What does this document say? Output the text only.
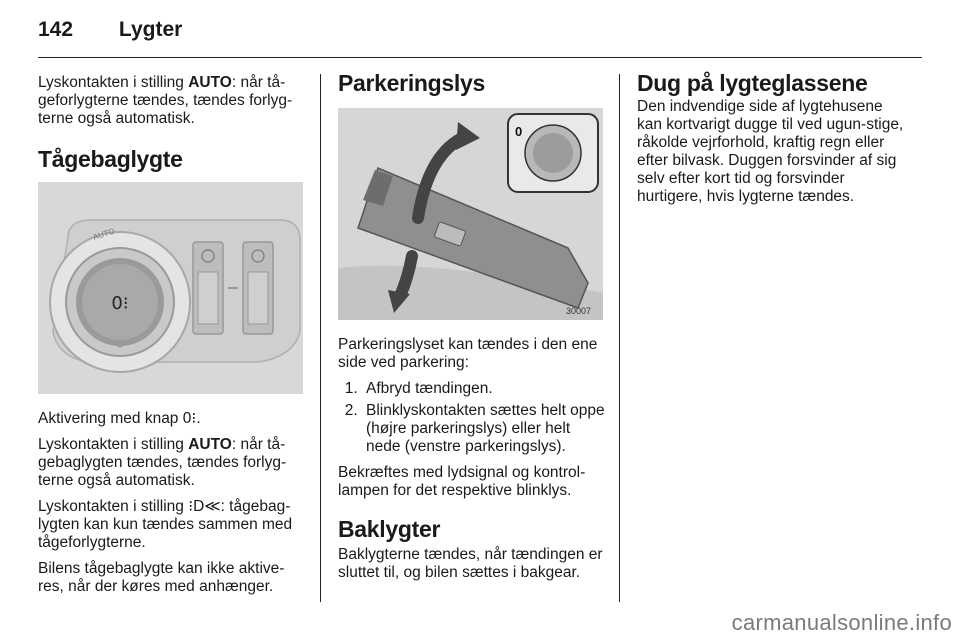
142 Lygter

Lyskontakten i stilling AUTO: når tå-geforlygterne tændes, tændes forlyg-terne også automatisk.

Tågebaglygte
0⁝
AUTO

Aktivering med knap 0⁝.

Lyskontakten i stilling AUTO: når tå-gebaglygten tændes, tændes forlyg-terne også automatisk.

Lyskontakten i stilling ⁝D≪: tågebag-lygten kan kun tændes sammen med tågeforlygterne.

Bilens tågebaglygte kan ikke aktive-res, når der køres med anhænger.

Parkeringslys
0
30007

Parkeringslyset kan tændes i den ene side ved parkering:

1. Afbryd tændingen.
2. Blinklyskontakten sættes helt oppe (højre parkeringslys) eller helt nede (venstre parkeringslys).

Bekræftes med lydsignal og kontrol-lampen for det respektive blinklys.

Baklygter

Baklygterne tændes, når tændingen er sluttet til, og bilen sættes i bakgear.

Dug på lygteglassene

Den indvendige side af lygtehusene kan kortvarigt dugge til ved ugun-stige, råkolde vejrforhold, kraftig regn eller efter bilvask. Duggen forsvinder af sig selv efter kort tid og forsvinder hurtigere, hvis lygterne tændes.

carmanualsonline.info
